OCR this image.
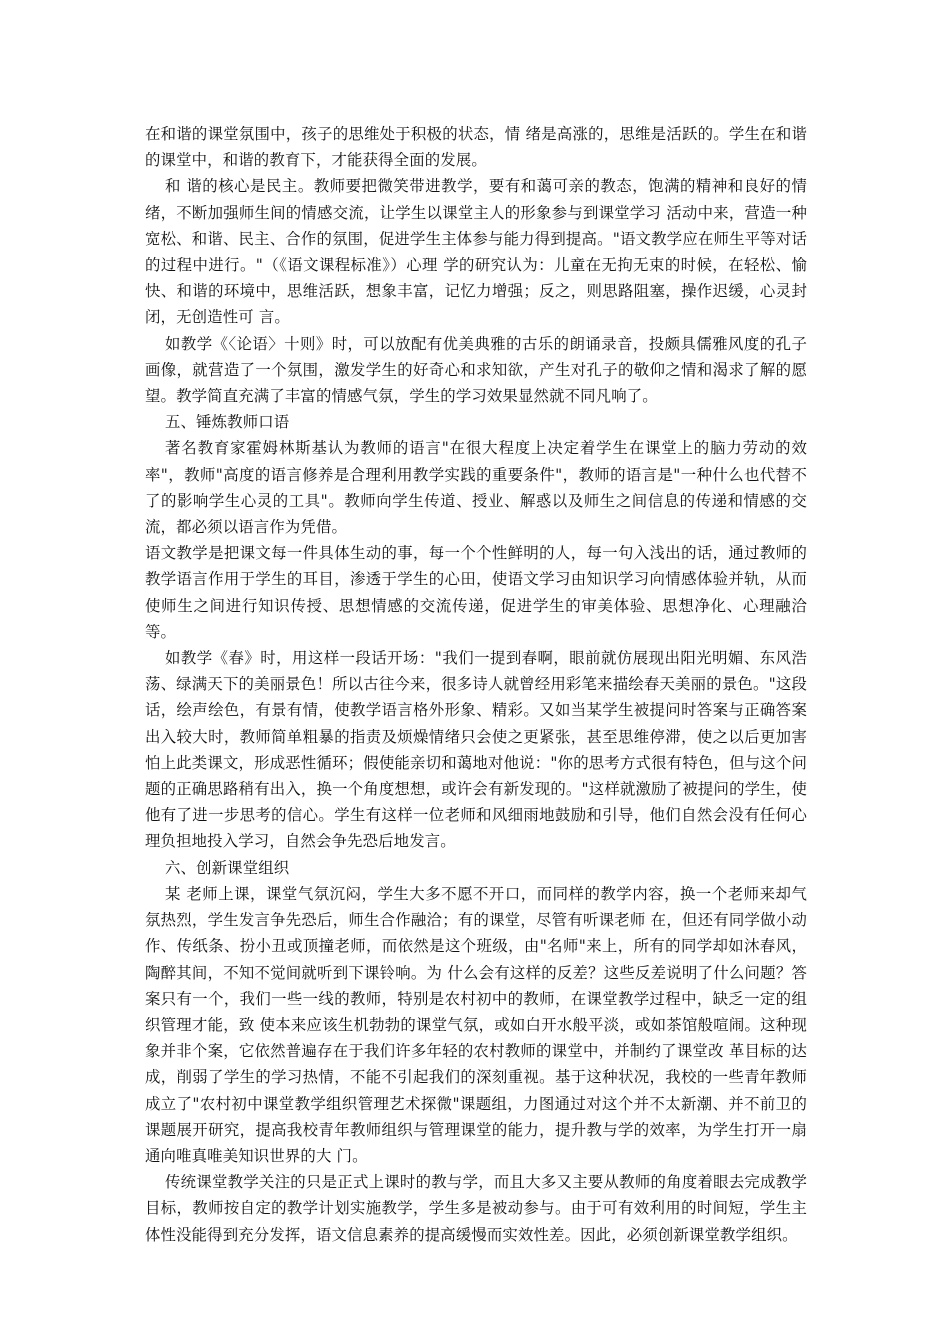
在和谐的课堂氛围中，孩子的思维处于积极的状态，情 绪是高涨的，思维是活跃的。学生在和谐的课堂中，和谐的教育下，才能获得全面的发展。

和 谐的核心是民主。教师要把微笑带进教学，要有和蔼可亲的教态，饱满的精神和良好的情绪，不断加强师生间的情感交流，让学生以课堂主人的形象参与到课堂学习 活动中来，营造一种宽松、和谐、民主、合作的氛围，促进学生主体参与能力得到提高。"语文教学应在师生平等对话的过程中进行。"（《语文课程标准》）心理 学的研究认为：儿童在无拘无束的时候，在轻松、愉快、和谐的环境中，思维活跃，想象丰富，记忆力增强；反之，则思路阻塞，操作迟缓，心灵封闭，无创造性可 言。

如教学《〈论语〉十则》时，可以放配有优美典雅的古乐的朗诵录音，投颇具儒雅风度的孔子画像，就营造了一个氛围，激发学生的好奇心和求知欲，产生对孔子的敬仰之情和渴求了解的愿望。教学简直充满了丰富的情感气氛，学生的学习效果显然就不同凡响了。

五、锤炼教师口语

著名教育家霍姆林斯基认为教师的语言"在很大程度上决定着学生在课堂上的脑力劳动的效率"，教师"高度的语言修养是合理利用教学实践的重要条件"，教师的语言是"一种什么也代替不了的影响学生心灵的工具"。教师向学生传道、授业、解惑以及师生之间信息的传递和情感的交流，都必须以语言作为凭借。

语文教学是把课文每一件具体生动的事，每一个个性鲜明的人，每一句入浅出的话，通过教师的教学语言作用于学生的耳目，渗透于学生的心田，使语文学习由知识学习向情感体验并轨，从而使师生之间进行知识传授、思想情感的交流传递，促进学生的审美体验、思想净化、心理融洽等。

如教学《春》时，用这样一段话开场："我们一提到春啊，眼前就仿展现出阳光明媚、东风浩荡、绿满天下的美丽景色！所以古往今来，很多诗人就曾经用彩笔来描绘春天美丽的景色。"这段话，绘声绘色，有景有情，使教学语言格外形象、精彩。又如当某学生被提问时答案与正确答案出入较大时，教师简单粗暴的指责及烦燥情绪只会使之更紧张，甚至思维停滞，使之以后更加害怕上此类课文，形成恶性循环；假使能亲切和蔼地对他说："你的思考方式很有特色，但与这个问题的正确思路稍有出入，换一个角度想想，或许会有新发现的。"这样就激励了被提问的学生，使他有了进一步思考的信心。学生有这样一位老师和风细雨地鼓励和引导，他们自然会没有任何心理负担地投入学习，自然会争先恐后地发言。

六、创新课堂组织

某 老师上课，课堂气氛沉闷，学生大多不愿不开口，而同样的教学内容，换一个老师来却气氛热烈，学生发言争先恐后，师生合作融洽；有的课堂，尽管有听课老师 在，但还有同学做小动作、传纸条、扮小丑或顶撞老师，而依然是这个班级，由"名师"来上，所有的同学却如沐春风，陶醉其间，不知不觉间就听到下课铃响。为 什么会有这样的反差？这些反差说明了什么问题？答案只有一个，我们一些一线的教师，特别是农村初中的教师，在课堂教学过程中，缺乏一定的组织管理才能，致 使本来应该生机勃勃的课堂气氛，或如白开水般平淡，或如茶馆般喧闹。这种现象并非个案，它依然普遍存在于我们许多年轻的农村教师的课堂中，并制约了课堂改 革目标的达成，削弱了学生的学习热情，不能不引起我们的深刻重视。基于这种状况，我校的一些青年教师成立了"农村初中课堂教学组织管理艺术探微"课题组，力图通过对这个并不太新潮、并不前卫的课题展开研究，提高我校青年教师组织与管理课堂的能力，提升教与学的效率，为学生打开一扇通向唯真唯美知识世界的大 门。

传统课堂教学关注的只是正式上课时的教与学，而且大多又主要从教师的角度着眼去完成教学目标，教师按自定的教学计划实施教学，学生多是被动参与。由于可有效利用的时间短，学生主体性没能得到充分发挥，语文信息素养的提高缓慢而实效性差。因此，必须创新课堂教学组织。
